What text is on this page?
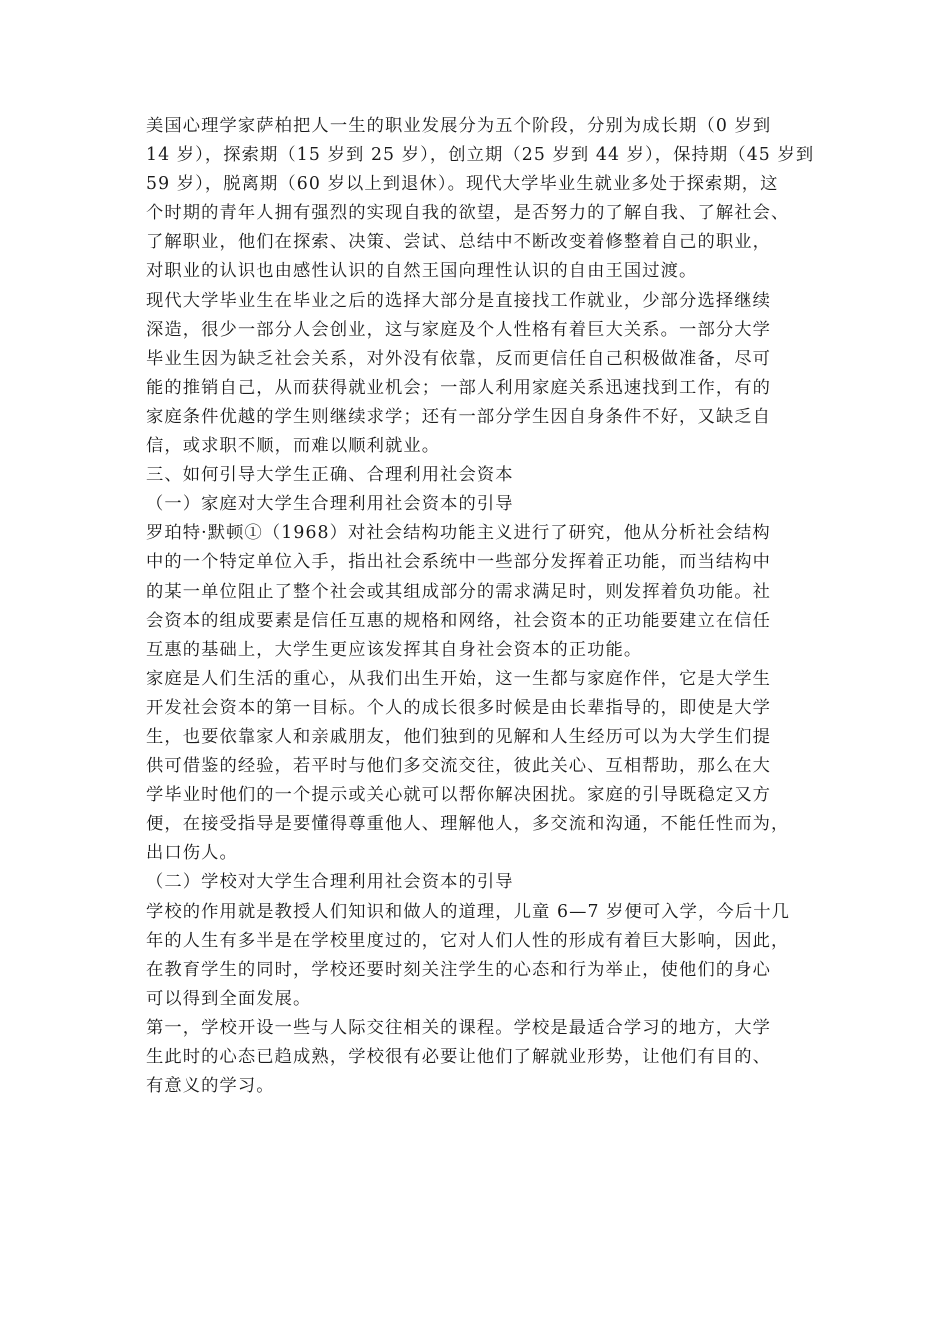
美国心理学家萨柏把人一生的职业发展分为五个阶段，分别为成长期（0 岁到
14 岁），探索期（15 岁到 25 岁），创立期（25 岁到 44 岁），保持期（45 岁到
59 岁），脱离期（60 岁以上到退休）。现代大学毕业生就业多处于探索期，这
个时期的青年人拥有强烈的实现自我的欲望，是否努力的了解自我、了解社会、
了解职业，他们在探索、决策、尝试、总结中不断改变着修整着自己的职业，
对职业的认识也由感性认识的自然王国向理性认识的自由王国过渡。
现代大学毕业生在毕业之后的选择大部分是直接找工作就业，少部分选择继续
深造，很少一部分人会创业，这与家庭及个人性格有着巨大关系。一部分大学
毕业生因为缺乏社会关系，对外没有依靠，反而更信任自己积极做准备，尽可
能的推销自己，从而获得就业机会；一部人利用家庭关系迅速找到工作，有的
家庭条件优越的学生则继续求学；还有一部分学生因自身条件不好，又缺乏自
信，或求职不顺，而难以顺利就业。
三、如何引导大学生正确、合理利用社会资本
（一）家庭对大学生合理利用社会资本的引导
罗珀特·默顿①（1968）对社会结构功能主义进行了研究，他从分析社会结构
中的一个特定单位入手，指出社会系统中一些部分发挥着正功能，而当结构中
的某一单位阻止了整个社会或其组成部分的需求满足时，则发挥着负功能。社
会资本的组成要素是信任互惠的规格和网络，社会资本的正功能要建立在信任
互惠的基础上，大学生更应该发挥其自身社会资本的正功能。
家庭是人们生活的重心，从我们出生开始，这一生都与家庭作伴，它是大学生
开发社会资本的第一目标。个人的成长很多时候是由长辈指导的，即使是大学
生，也要依靠家人和亲戚朋友，他们独到的见解和人生经历可以为大学生们提
供可借鉴的经验，若平时与他们多交流交往，彼此关心、互相帮助，那么在大
学毕业时他们的一个提示或关心就可以帮你解决困扰。家庭的引导既稳定又方
便，在接受指导是要懂得尊重他人、理解他人，多交流和沟通，不能任性而为，
出口伤人。
（二）学校对大学生合理利用社会资本的引导
学校的作用就是教授人们知识和做人的道理，儿童 6—7 岁便可入学，今后十几
年的人生有多半是在学校里度过的，它对人们人性的形成有着巨大影响，因此，
在教育学生的同时，学校还要时刻关注学生的心态和行为举止，使他们的身心
可以得到全面发展。
第一，学校开设一些与人际交往相关的课程。学校是最适合学习的地方，大学
生此时的心态已趋成熟，学校很有必要让他们了解就业形势，让他们有目的、
有意义的学习。
